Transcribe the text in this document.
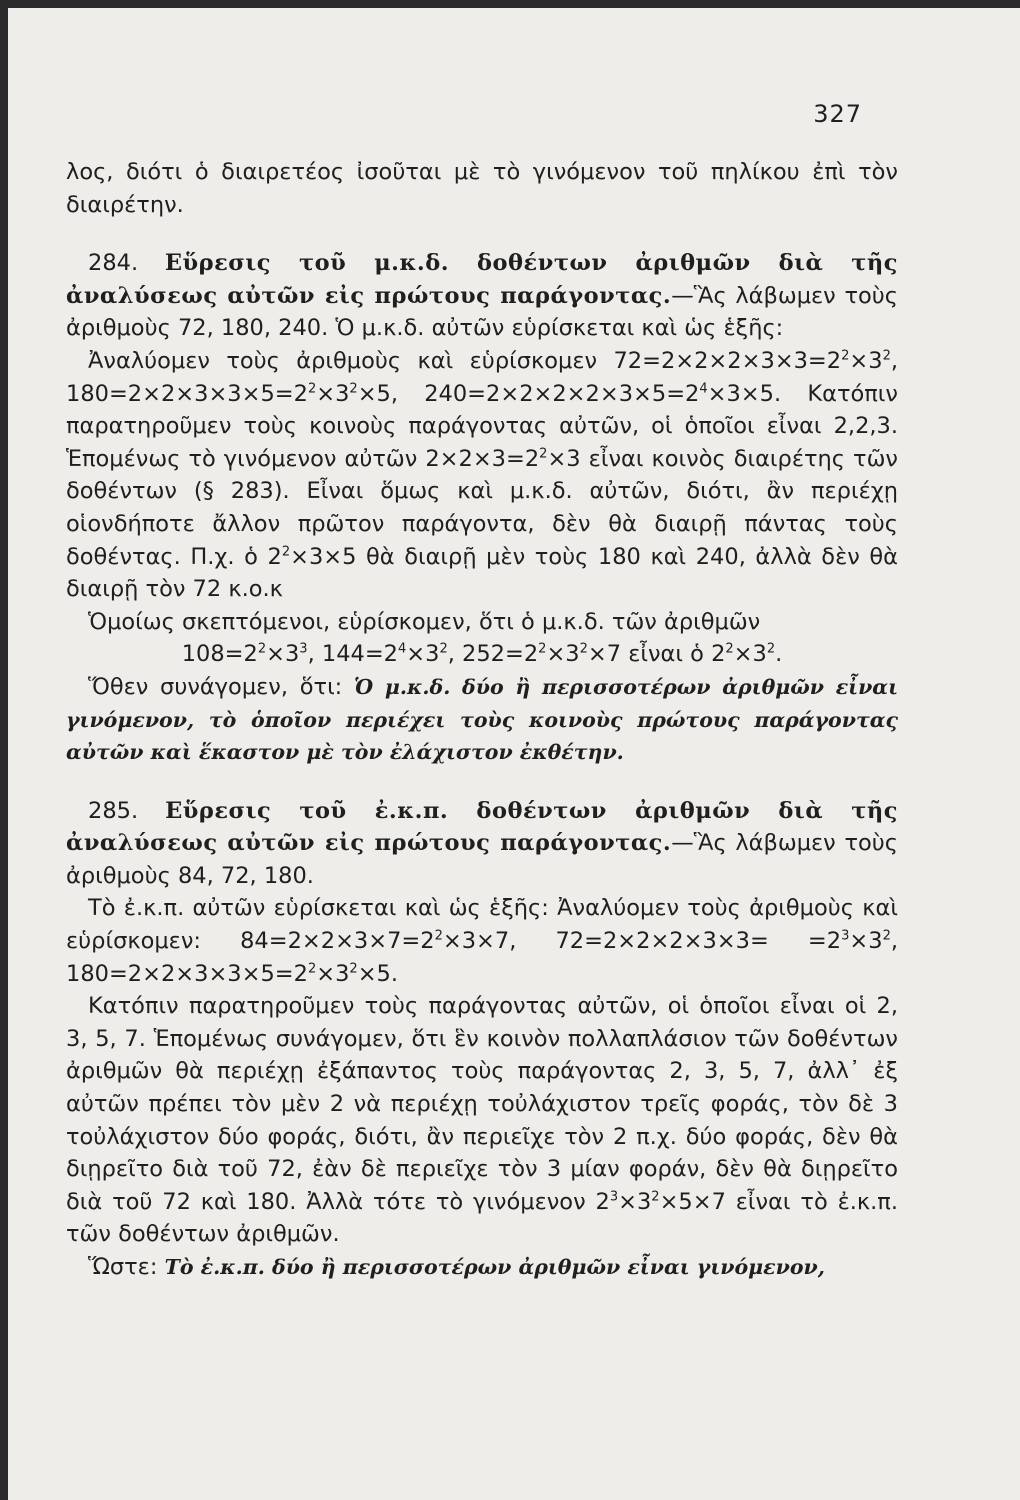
327

λος, διότι ὁ διαιρετέος ἰσοῦται μὲ τὸ γινόμενον τοῦ πηλίκου ἐπὶ τὸν διαιρέτην.

284. Εὕρεσις τοῦ μ.κ.δ. δοθέντων ἀριθμῶν διὰ τῆς ἀναλύσεως αὐτῶν εἰς πρώτους παράγοντας.—Ἃς λάβωμεν τοὺς ἀριθμοὺς 72, 180, 240. Ὁ μ.κ.δ. αὐτῶν εὑρίσκεται καὶ ὡς ἑξῆς:

Ἀναλύομεν τοὺς ἀριθμοὺς καὶ εὑρίσκομεν $72=2\times 2\times 2\times 3\times 3=2^2\times 3^2$, $180=2\times 2\times 3\times 3\times 5=2^2\times 3^2\times 5$, $240=2\times 2\times 2\times 2\times 3\times 5=2^4\times 3\times 5$. Κατόπιν παρατηροῦμεν τοὺς κοινοὺς παράγοντας αὐτῶν, οἱ ὁποῖοι εἶναι 2,2,3. Ἑπομένως τὸ γινόμενον αὐτῶν $2\times 2\times 3=2^2\times 3$ εἶναι κοινὸς διαιρέτης τῶν δοθέντων (§ 283). Εἶναι ὅμως καὶ μ.κ.δ. αὐτῶν, διότι, ἂν περιέχῃ οἱονδήποτε ἄλλον πρῶτον παράγοντα, δὲν θὰ διαιρῇ πάντας τοὺς δοθέντας. Π.χ. ὁ $2^2\times 3\times 5$ θὰ διαιρῇ μὲν τοὺς 180 καὶ 240, ἀλλὰ δὲν θὰ διαιρῇ τὸν 72 κ.ο.κ

Ὁμοίως σκεπτόμενοι, εὑρίσκομεν, ὅτι ὁ μ.κ.δ. τῶν ἀριθμῶν

$108=2^2\times 3^3$, $144=2^4\times 3^2$, $252=2^2\times 3^2\times 7$ εἶναι ὁ $2^2\times 3^2$.

Ὅθεν συνάγομεν, ὅτι: Ὁ μ.κ.δ. δύο ἢ περισσοτέρων ἀριθμῶν εἶναι γινόμενον, τὸ ὁποῖον περιέχει τοὺς κοινοὺς πρώτους παράγοντας αὐτῶν καὶ ἕκαστον μὲ τὸν ἐλάχιστον ἐκθέτην.

285. Εὕρεσις τοῦ ἐ.κ.π. δοθέντων ἀριθμῶν διὰ τῆς ἀναλύσεως αὐτῶν εἰς πρώτους παράγοντας.—Ἃς λάβωμεν τοὺς ἀριθμοὺς 84, 72, 180.

Τὸ ἐ.κ.π. αὐτῶν εὑρίσκεται καὶ ὡς ἑξῆς: Ἀναλύομεν τοὺς ἀριθμοὺς καὶ εὑρίσκομεν: $84=2\times 2\times 3\times 7=2^2\times 3\times 7$, $72=2\times 2\times 2\times 3\times 3= =2^3\times 3^2$, $180=2\times 2\times 3\times 3\times 5=2^2\times 3^2\times 5$.

Κατόπιν παρατηροῦμεν τοὺς παράγοντας αὐτῶν, οἱ ὁποῖοι εἶναι οἱ 2, 3, 5, 7. Ἑπομένως συνάγομεν, ὅτι ἓν κοινὸν πολλαπλάσιον τῶν δοθέντων ἀριθμῶν θὰ περιέχῃ ἐξάπαντος τοὺς παράγοντας 2, 3, 5, 7, ἀλλ᾽ ἐξ αὐτῶν πρέπει τὸν μὲν 2 νὰ περιέχῃ τοὐλάχιστον τρεῖς φοράς, τὸν δὲ 3 τοὐλάχιστον δύο φοράς, διότι, ἂν περιεῖχε τὸν 2 π.χ. δύο φοράς, δὲν θὰ διῃρεῖτο διὰ τοῦ 72, ἐὰν δὲ περιεῖχε τὸν 3 μίαν φοράν, δὲν θὰ διῃρεῖτο διὰ τοῦ 72 καὶ 180. Ἀλλὰ τότε τὸ γινόμενον $2^3\times 3^2\times 5\times 7$ εἶναι τὸ ἐ.κ.π. τῶν δοθέντων ἀριθμῶν.

Ὥστε: Τὸ ἐ.κ.π. δύο ἢ περισσοτέρων ἀριθμῶν εἶναι γινόμενον,
